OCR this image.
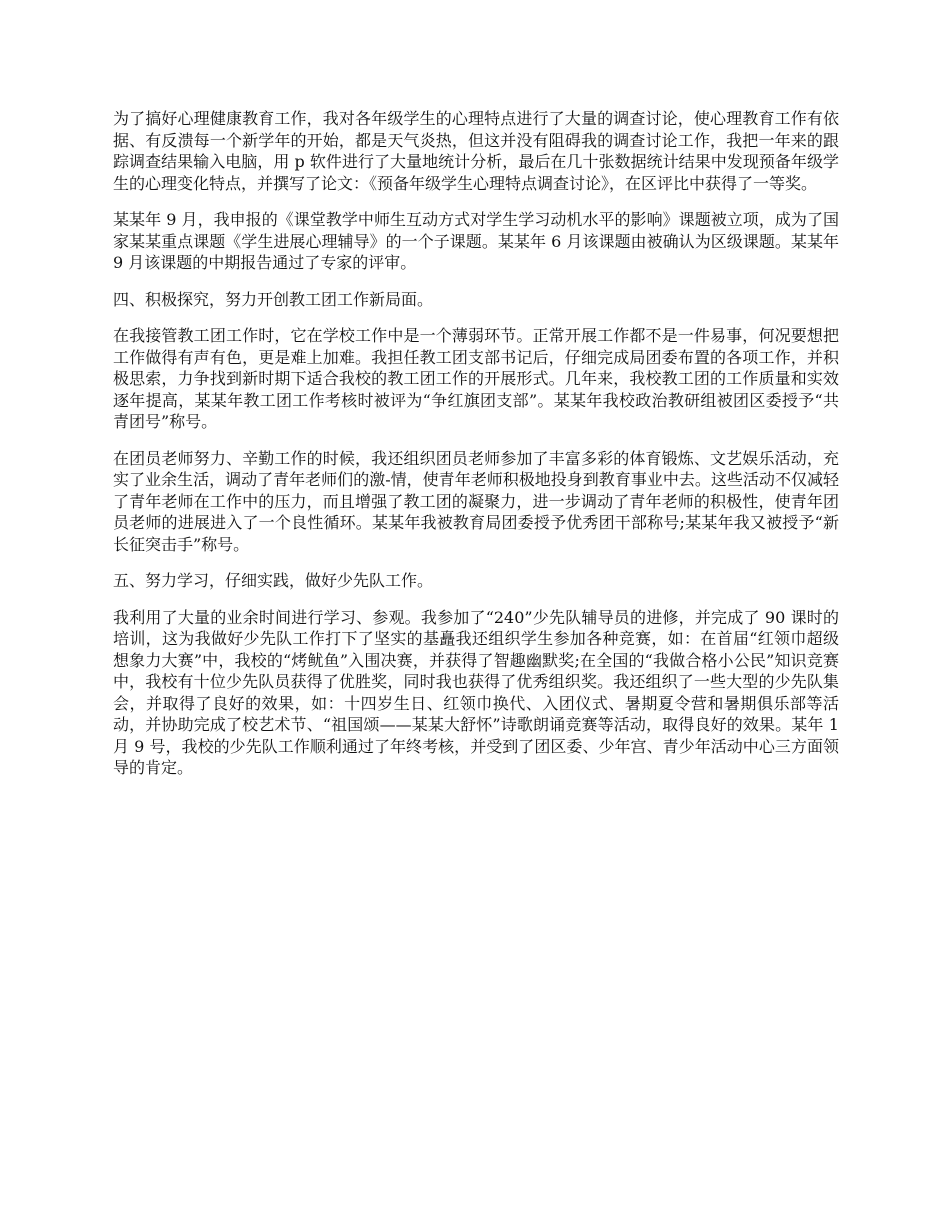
为了搞好心理健康教育工作，我对各年级学生的心理特点进行了大量的调查讨论，使心理教育工作有依据、有反溃每一个新学年的开始，都是天气炎热，但这并没有阻碍我的调查讨论工作，我把一年来的跟踪调查结果输入电脑，用 p 软件进行了大量地统计分析，最后在几十张数据统计结果中发现预备年级学生的心理变化特点，并撰写了论文：《预备年级学生心理特点调查讨论》，在区评比中获得了一等奖。

某某年 9 月，我申报的《课堂教学中师生互动方式对学生学习动机水平的影响》课题被立项，成为了国家某某重点课题《学生进展心理辅导》的一个子课题。某某年 6 月该课题由被确认为区级课题。某某年 9 月该课题的中期报告通过了专家的评审。

四、积极探究，努力开创教工团工作新局面。

在我接管教工团工作时，它在学校工作中是一个薄弱环节。正常开展工作都不是一件易事，何况要想把工作做得有声有色，更是难上加难。我担任教工团支部书记后，仔细完成局团委布置的各项工作，并积极思索，力争找到新时期下适合我校的教工团工作的开展形式。几年来，我校教工团的工作质量和实效逐年提高，某某年教工团工作考核时被评为“争红旗团支部”。某某年我校政治教研组被团区委授予“共青团号”称号。

在团员老师努力、辛勤工作的时候，我还组织团员老师参加了丰富多彩的体育锻炼、文艺娱乐活动，充实了业余生活，调动了青年老师们的激-情，使青年老师积极地投身到教育事业中去。这些活动不仅减轻了青年老师在工作中的压力，而且增强了教工团的凝聚力，进一步调动了青年老师的积极性，使青年团员老师的进展进入了一个良性循环。某某年我被教育局团委授予优秀团干部称号;某某年我又被授予“新长征突击手”称号。

五、努力学习，仔细实践，做好少先队工作。

我利用了大量的业余时间进行学习、参观。我参加了“240”少先队辅导员的进修，并完成了 90 课时的培训，这为我做好少先队工作打下了坚实的基矗我还组织学生参加各种竞赛，如：在首届“红领巾超级想象力大赛”中，我校的“烤鱿鱼”入围决赛，并获得了智趣幽默奖;在全国的“我做合格小公民”知识竞赛中，我校有十位少先队员获得了优胜奖，同时我也获得了优秀组织奖。我还组织了一些大型的少先队集会，并取得了良好的效果，如：十四岁生日、红领巾换代、入团仪式、暑期夏令营和暑期俱乐部等活动，并协助完成了校艺术节、“祖国颂——某某大舒怀”诗歌朗诵竞赛等活动，取得良好的效果。某年 1 月 9 号，我校的少先队工作顺利通过了年终考核，并受到了团区委、少年宫、青少年活动中心三方面领导的肯定。
